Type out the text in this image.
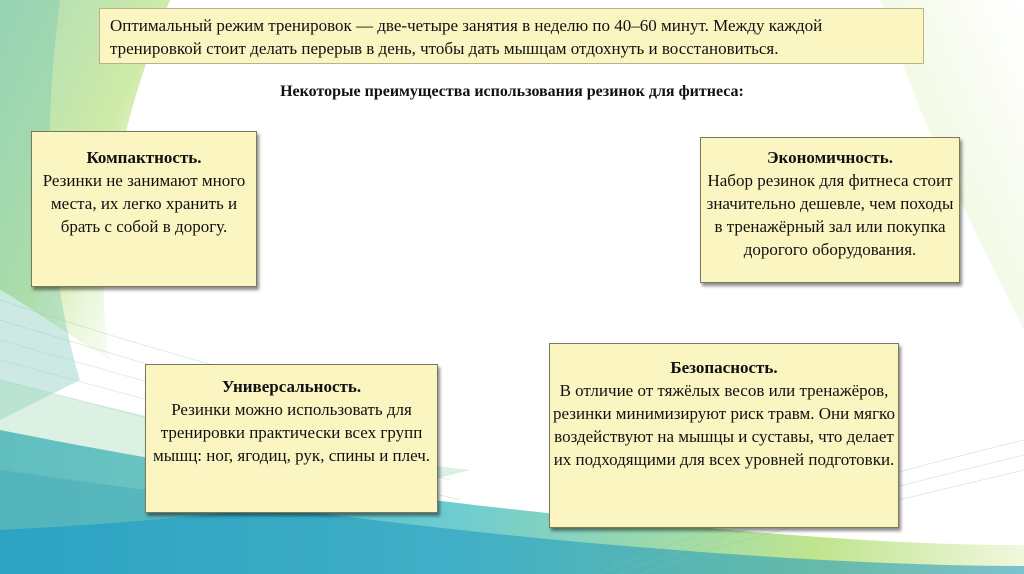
Оптимальный режим тренировок — две-четыре занятия в неделю по 40–60 минут. Между каждой тренировкой стоит делать перерыв в день, чтобы дать мышцам отдохнуть и восстановиться.
Некоторые преимущества использования резинок для фитнеса:
Компактность.
Резинки не занимают много места, их легко хранить и брать с собой в дорогу.
Экономичность.
Набор резинок для фитнеса стоит значительно дешевле, чем походы в тренажёрный зал или покупка дорогого оборудования.
Универсальность.
Резинки можно использовать для тренировки практически всех групп мышц: ног, ягодиц, рук, спины и плеч.
Безопасность.
В отличие от тяжёлых весов или тренажёров, резинки минимизируют риск травм. Они мягко воздействуют на мышцы и суставы, что делает их подходящими для всех уровней подготовки.
